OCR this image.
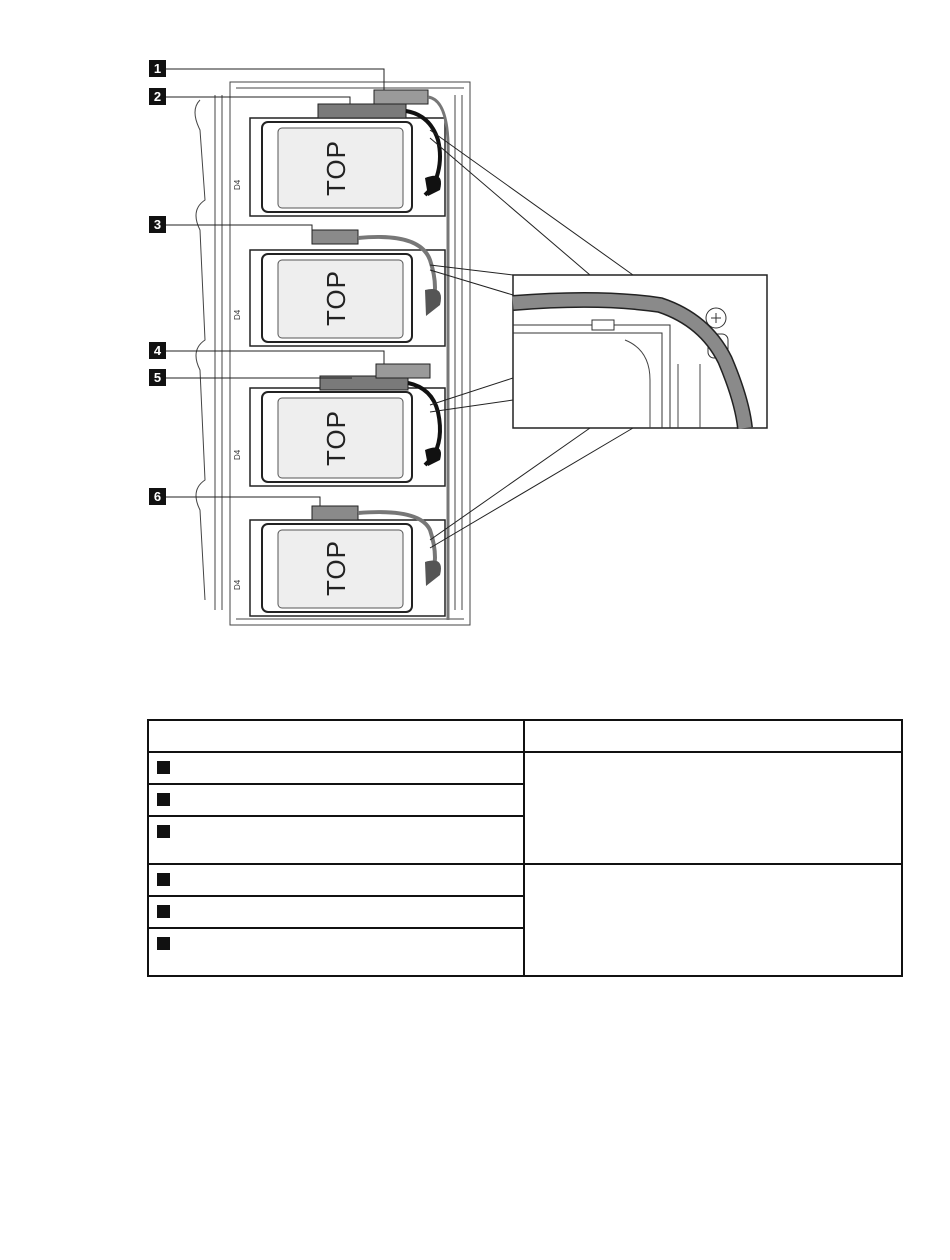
TOP
D4
TOP
D4
TOP
D4
TOP
D4
1
2
3
4
5
6
